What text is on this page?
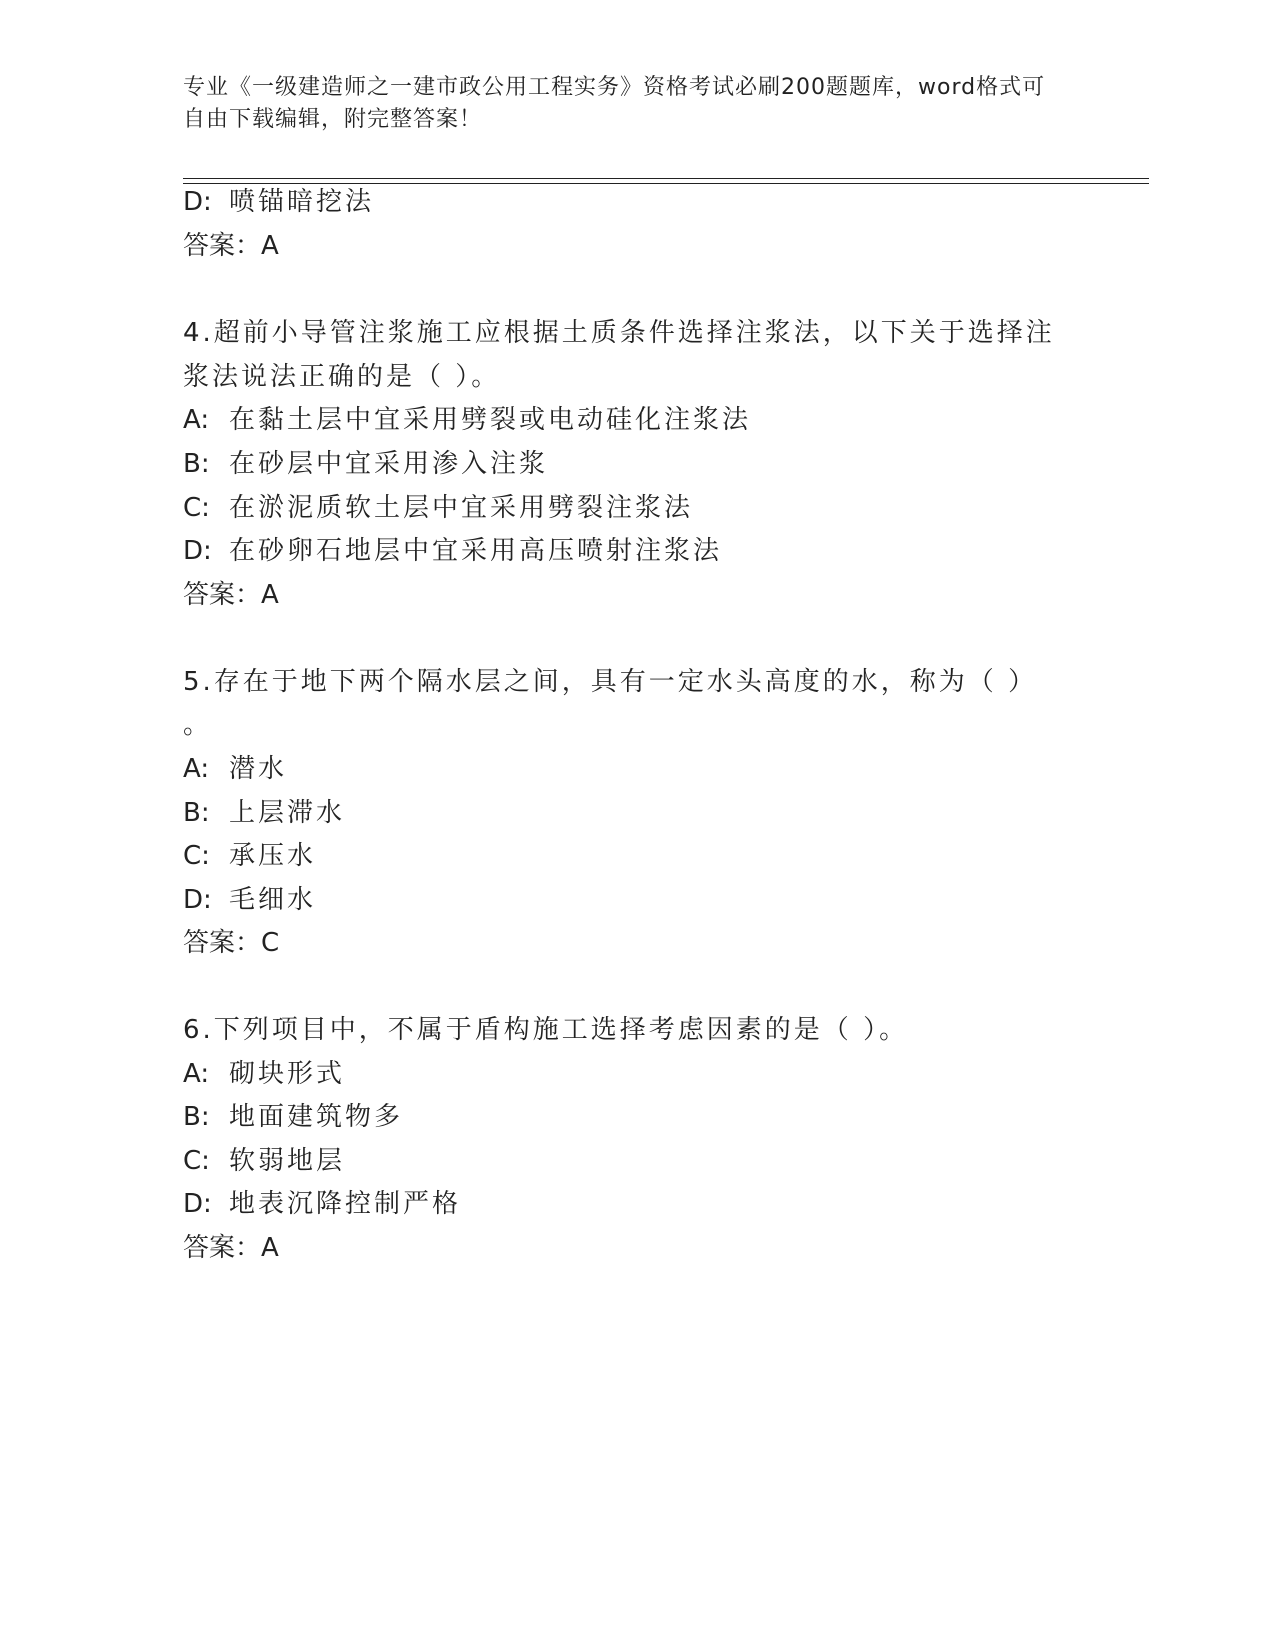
专业《一级建造师之一建市政公用工程实务》资格考试必刷200题题库，word格式可自由下载编辑，附完整答案！
D: 喷锚暗挖法
答案：A
4.超前小导管注浆施工应根据土质条件选择注浆法，以下关于选择注
浆法说法正确的是（ ）。
A: 在黏土层中宜采用劈裂或电动硅化注浆法
B: 在砂层中宜采用渗入注浆
C: 在淤泥质软土层中宜采用劈裂注浆法
D: 在砂卵石地层中宜采用高压喷射注浆法
答案：A
5.存在于地下两个隔水层之间，具有一定水头高度的水，称为（ ）
。
A: 潜水
B: 上层滞水
C: 承压水
D: 毛细水
答案：C
6.下列项目中，不属于盾构施工选择考虑因素的是（ ）。
A: 砌块形式
B: 地面建筑物多
C: 软弱地层
D: 地表沉降控制严格
答案：A
